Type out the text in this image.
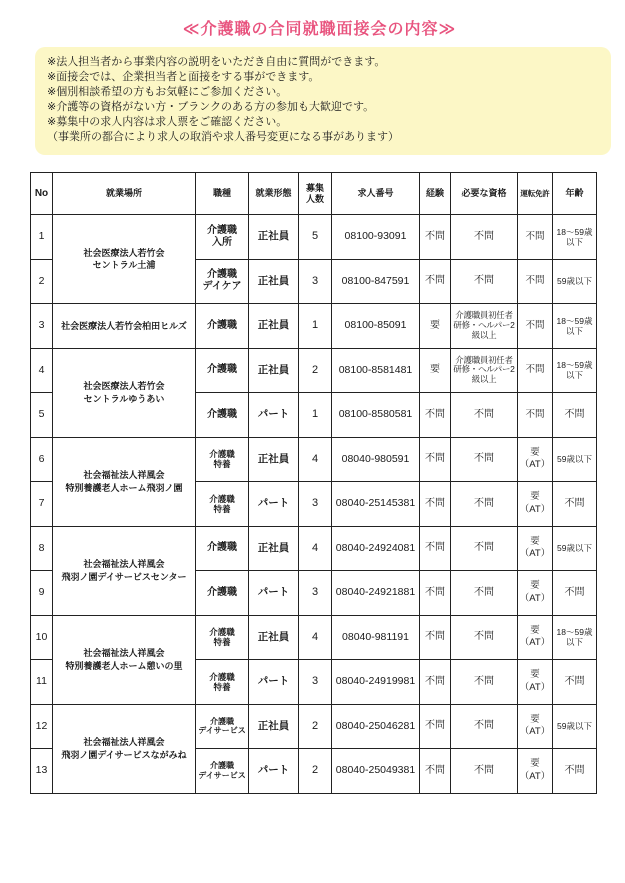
≪介護職の合同就職面接会の内容≫
※法人担当者から事業内容の説明をいただき自由に質問ができます。
※面接会では、企業担当者と面接をする事ができます。
※個別相談希望の方もお気軽にご参加ください。
※介護等の資格がない方・ブランクのある方の参加も大歓迎です。
※募集中の求人内容は求人票をご確認ください。
（事業所の都合により求人の取消や求人番号変更になる事があります）
No	就業場所	職種	就業形態	募集
人数	求人番号	経験	必要な資格	運転免許	年齢
1	社会医療法人若竹会
セントラル土浦	介護職
入所	正社員	5	08100-93091	不問	不問	不問	18～59歳
以下
2		介護職
デイケア	正社員	3	08100-847591	不問	不問	不問	59歳以下
3	社会医療法人若竹会柏田ヒルズ	介護職	正社員	1	08100-85091	要	介護職員初任者
研修・ヘルパー2
級以上	不問	18～59歳
以下
4	社会医療法人若竹会
セントラルゆうあい	介護職	正社員	2	08100-8581481	要	介護職員初任者
研修・ヘルパー2
級以上	不問	18～59歳
以下
5		介護職	パート	1	08100-8580581	不問	不問	不問	不問
6	社会福祉法人祥風会
特別養護老人ホーム飛羽ノ園	介護職
特養	正社員	4	08040-980591	不問	不問	要
（AT）	59歳以下
7		介護職
特養	パート	3	08040-25145381	不問	不問	要
（AT）	不問
8	社会福祉法人祥風会
飛羽ノ園デイサービスセンター	介護職	正社員	4	08040-24924081	不問	不問	要
（AT）	59歳以下
9		介護職	パート	3	08040-24921881	不問	不問	要
（AT）	不問
10	社会福祉法人祥風会
特別養護老人ホーム憩いの里	介護職
特養	正社員	4	08040-981191	不問	不問	要
（AT）	18～59歳
以下
11		介護職
特養	パート	3	08040-24919981	不問	不問	要
（AT）	不問
12	社会福祉法人祥風会
飛羽ノ園デイサービスながみね	介護職
デイサービス	正社員	2	08040-25046281	不問	不問	要
（AT）	59歳以下
13		介護職
デイサービス	パート	2	08040-25049381	不問	不問	要
（AT）	不問
